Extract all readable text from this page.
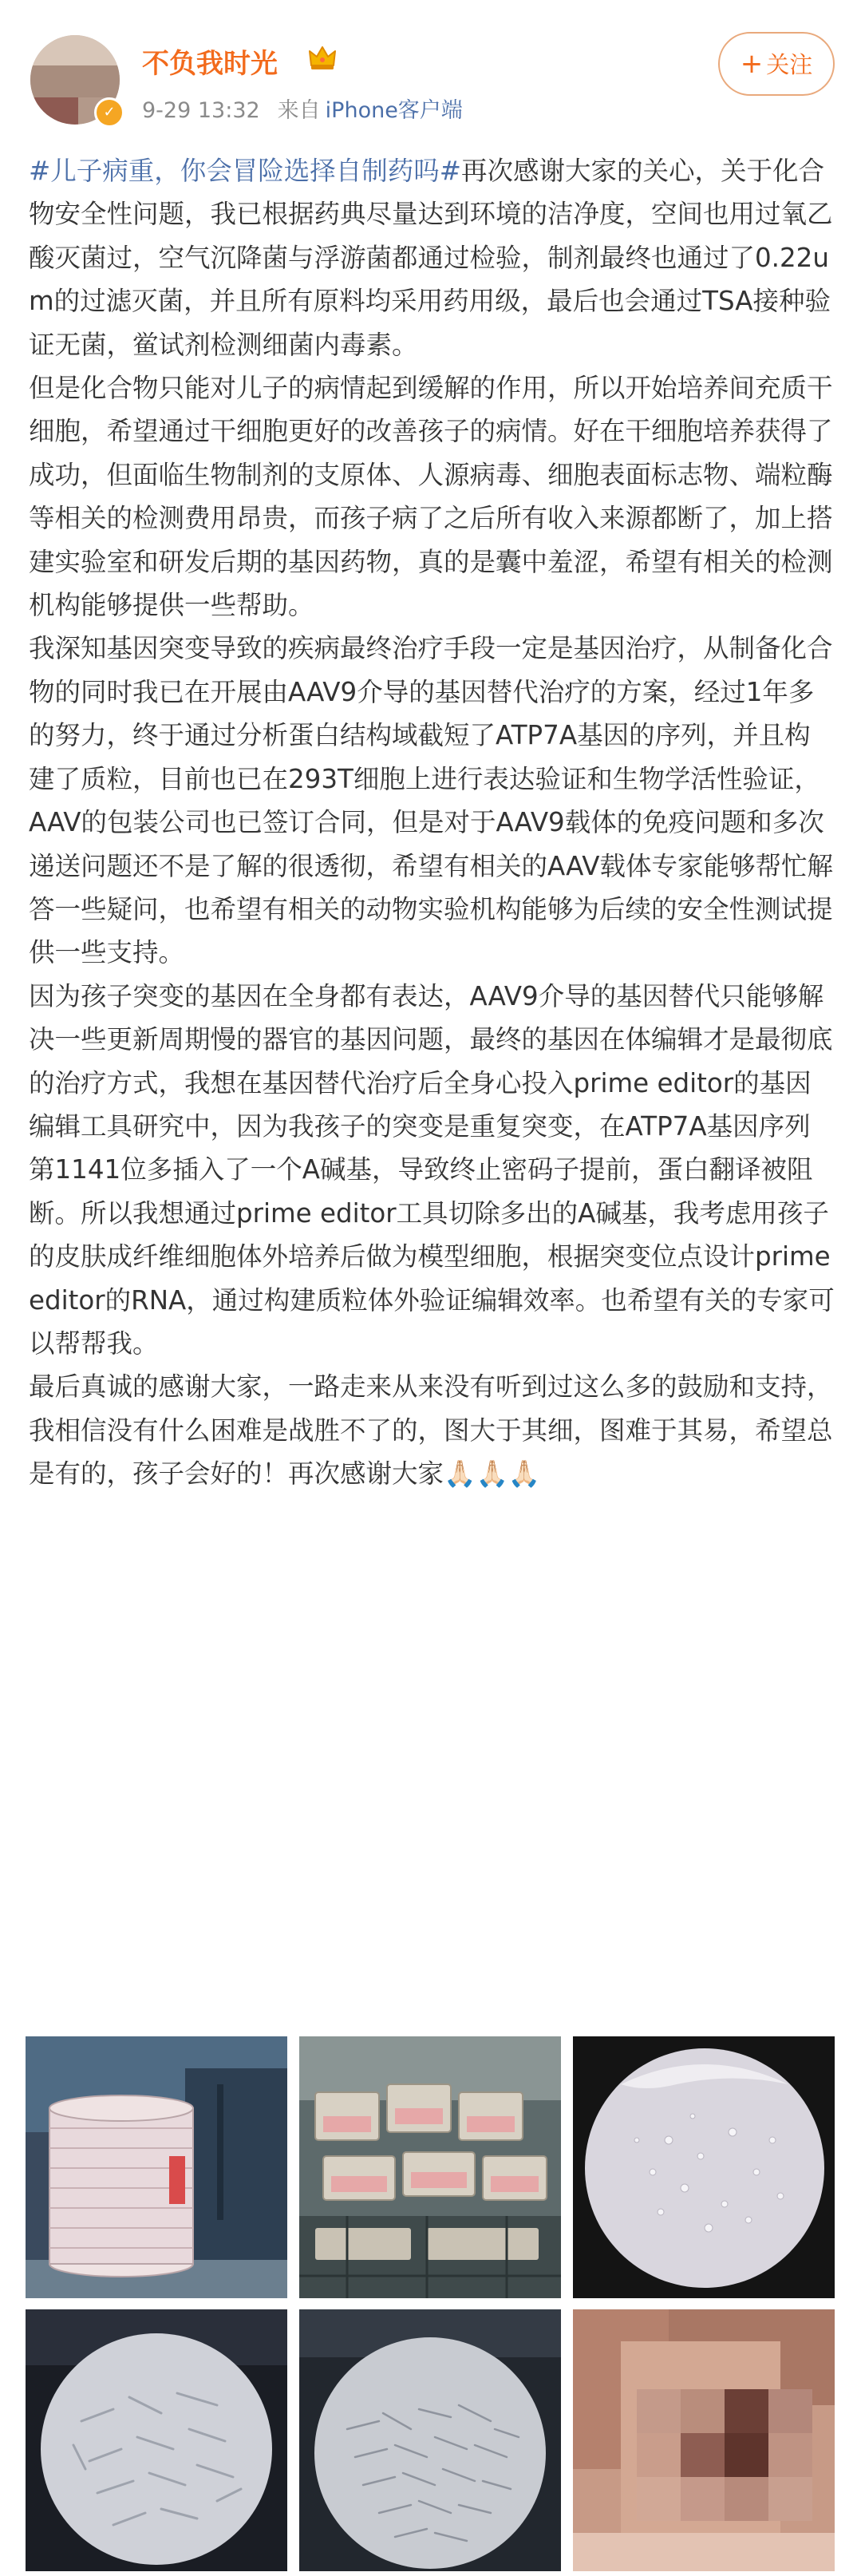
✓
不负我时光
9-29 13:32 来自 iPhone客户端
+ 关注

#儿子病重，你会冒险选择自制药吗#再次感谢大家的关心，关于化合物安全性问题，我已根据药典尽量达到环境的洁净度，空间也用过氧乙酸灭菌过，空气沉降菌与浮游菌都通过检验，制剂最终也通过了0.22um的过滤灭菌，并且所有原料均采用药用级，最后也会通过TSA接种验证无菌，鲎试剂检测细菌内毒素。

但是化合物只能对儿子的病情起到缓解的作用，所以开始培养间充质干细胞，希望通过干细胞更好的改善孩子的病情。好在干细胞培养获得了成功，但面临生物制剂的支原体、人源病毒、细胞表面标志物、端粒酶等相关的检测费用昂贵，而孩子病了之后所有收入来源都断了，加上搭建实验室和研发后期的基因药物，真的是囊中羞涩，希望有相关的检测机构能够提供一些帮助。

我深知基因突变导致的疾病最终治疗手段一定是基因治疗，从制备化合物的同时我已在开展由AAV9介导的基因替代治疗的方案，经过1年多的努力，终于通过分析蛋白结构域截短了ATP7A基因的序列，并且构建了质粒，目前也已在293T细胞上进行表达验证和生物学活性验证，AAV的包装公司也已签订合同，但是对于AAV9载体的免疫问题和多次递送问题还不是了解的很透彻，希望有相关的AAV载体专家能够帮忙解答一些疑问，也希望有相关的动物实验机构能够为后续的安全性测试提供一些支持。

因为孩子突变的基因在全身都有表达，AAV9介导的基因替代只能够解决一些更新周期慢的器官的基因问题，最终的基因在体编辑才是最彻底的治疗方式，我想在基因替代治疗后全身心投入prime editor的基因编辑工具研究中，因为我孩子的突变是重复突变，在ATP7A基因序列第1141位多插入了一个A碱基，导致终止密码子提前，蛋白翻译被阻断。所以我想通过prime editor工具切除多出的A碱基，我考虑用孩子的皮肤成纤维细胞体外培养后做为模型细胞，根据突变位点设计prime editor的RNA，通过构建质粒体外验证编辑效率。也希望有关的专家可以帮帮我。

最后真诚的感谢大家，一路走来从来没有听到过这么多的鼓励和支持，我相信没有什么困难是战胜不了的，图大于其细，图难于其易，希望总是有的，孩子会好的！再次感谢大家🙏🏻🙏🏻🙏🏻
